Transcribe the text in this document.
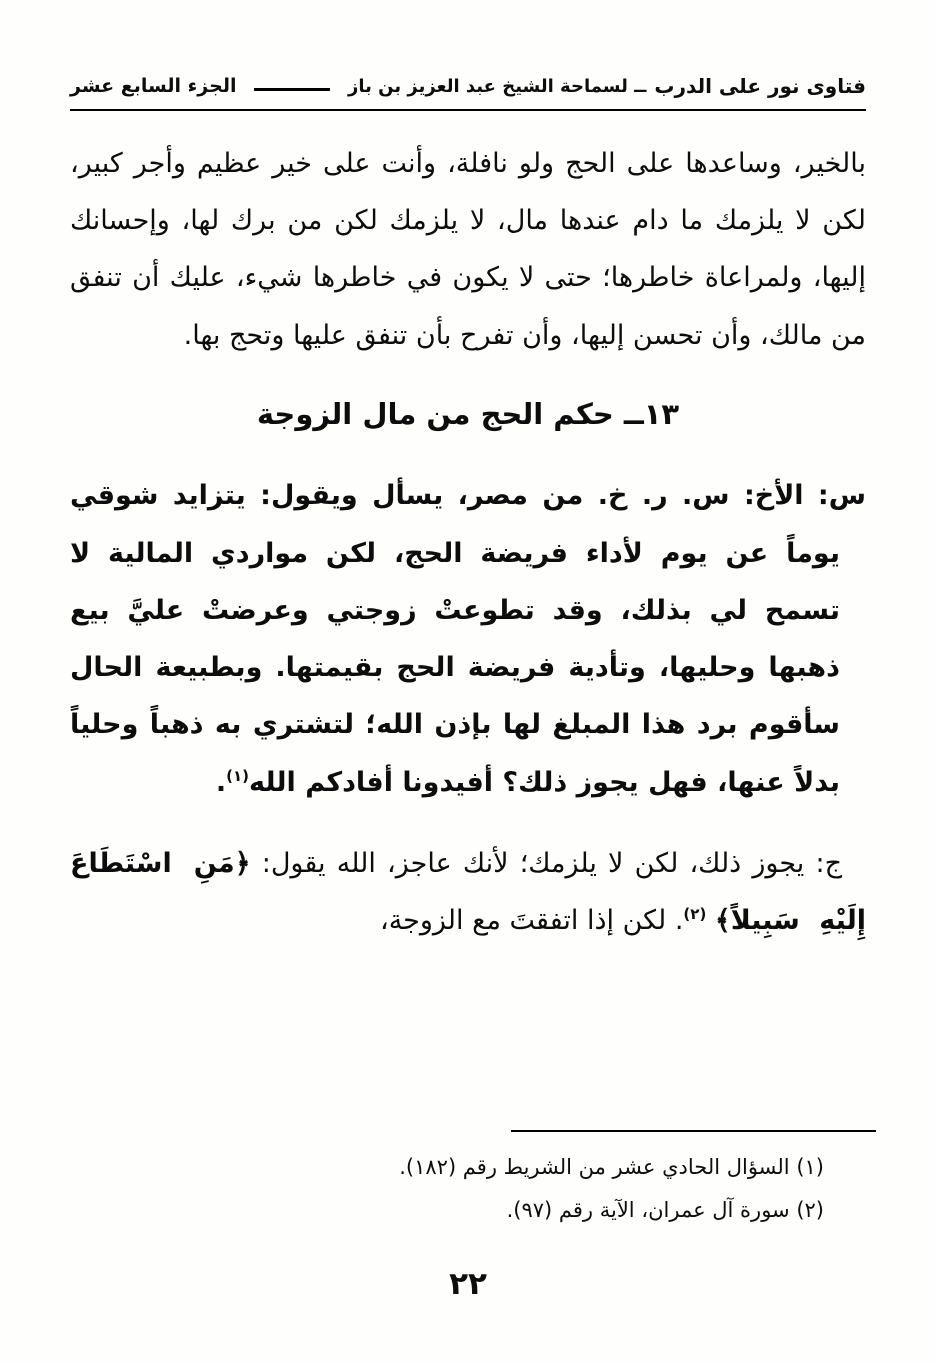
فتاوى نور على الدرب
ــ لسماحة الشيخ عبد العزيز بن باز
الجزء السابع عشر

بالخير، وساعدها على الحج ولو نافلة، وأنت على خير عظيم وأجر كبير، لكن لا يلزمك ما دام عندها مال، لا يلزمك لكن من برك لها، وإحسانك إليها، ولمراعاة خاطرها؛ حتى لا يكون في خاطرها شيء، عليك أن تنفق من مالك، وأن تحسن إليها، وأن تفرح بأن تنفق عليها وتحج بها.

١٣ــ حكم الحج من مال الزوجة

س: الأخ: س. ر. خ. من مصر، يسأل ويقول: يتزايد شوقي يوماً عن يوم لأداء فريضة الحج، لكن مواردي المالية لا تسمح لي بذلك، وقد تطوعتْ زوجتي وعرضتْ عليَّ بيع ذهبها وحليها، وتأدية فريضة الحج بقيمتها. وبطبيعة الحال سأقوم برد هذا المبلغ لها بإذن الله؛ لتشتري به ذهباً وحلياً بدلاً عنها، فهل يجوز ذلك؟ أفيدونا أفادكم الله$^{(١)}$.

ج: يجوز ذلك، لكن لا يلزمك؛ لأنك عاجز، الله يقول: ﴿مَنِ اسْتَطَاعَ إِلَيْهِ سَبِيلاً﴾ $^{(٢)}$. لكن إذا اتفقتَ مع الزوجة،

(١) السؤال الحادي عشر من الشريط رقم (١٨٢).
(٢) سورة آل عمران، الآية رقم (٩٧).
٢٢
